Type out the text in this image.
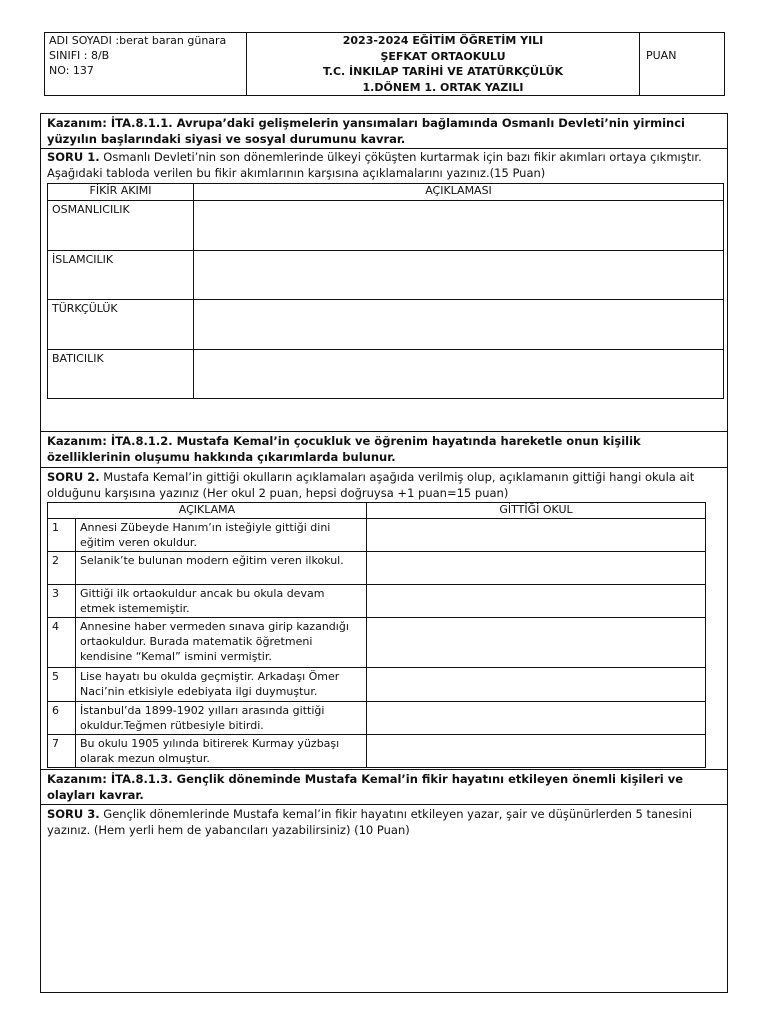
ADI SOYADI :berat baran günara
SINIFI : 8/B
NO: 137
2023-2024 EĞİTİM ÖĞRETİM YILI
ŞEFKAT ORTAOKULU
T.C. İNKILAP TARİHİ VE ATATÜRKÇÜLÜK
1.DÖNEM 1. ORTAK YAZILI
PUAN
Kazanım: İTA.8.1.1. Avrupa’daki gelişmelerin yansımaları bağlamında Osmanlı Devleti’nin yirminci yüzyılın başlarındaki siyasi ve sosyal durumunu kavrar.
SORU 1. Osmanlı Devleti’nin son dönemlerinde ülkeyi çöküşten kurtarmak için bazı fikir akımları ortaya çıkmıştır. Aşağıdaki tabloda verilen bu fikir akımlarının karşısına açıklamalarını yazınız.(15 Puan)
FİKİR AKIMI	AÇIKLAMASI
OSMANLICILIK	
İSLAMCILIK	
TÜRKÇÜLÜK	
BATICILIK	
Kazanım: İTA.8.1.2. Mustafa Kemal’in çocukluk ve öğrenim hayatında hareketle onun kişilik özelliklerinin oluşumu hakkında çıkarımlarda bulunur.
SORU 2. Mustafa Kemal’in gittiği okulların açıklamaları aşağıda verilmiş olup, açıklamanın gittiği hangi okula ait olduğunu karşısına yazınız (Her okul 2 puan, hepsi doğruysa +1 puan=15 puan)
AÇIKLAMA		GİTTİĞİ OKUL
1	Annesi Zübeyde Hanım’ın isteğiyle gittiği dini eğitim veren okuldur.	
2	Selanik’te bulunan modern eğitim veren ilkokul.	
3	Gittiği ilk ortaokuldur ancak bu okula devam etmek istememiştir.	
4	Annesine haber vermeden sınava girip kazandığı ortaokuldur. Burada matematik öğretmeni kendisine “Kemal” ismini vermiştir.	
5	Lise hayatı bu okulda geçmiştir. Arkadaşı Ömer Naci’nin etkisiyle edebiyata ilgi duymuştur.	
6	İstanbul’da 1899-1902 yılları arasında gittiği okuldur.Teğmen rütbesiyle bitirdi.	
7	Bu okulu 1905 yılında bitirerek Kurmay yüzbaşı olarak mezun olmuştur.	
Kazanım: İTA.8.1.3. Gençlik döneminde Mustafa Kemal’in fikir hayatını etkileyen önemli kişileri ve olayları kavrar.
SORU 3. Gençlik dönemlerinde Mustafa kemal’in fikir hayatını etkileyen yazar, şair ve düşünürlerden 5 tanesini yazınız. (Hem yerli hem de yabancıları yazabilirsiniz) (10 Puan)
